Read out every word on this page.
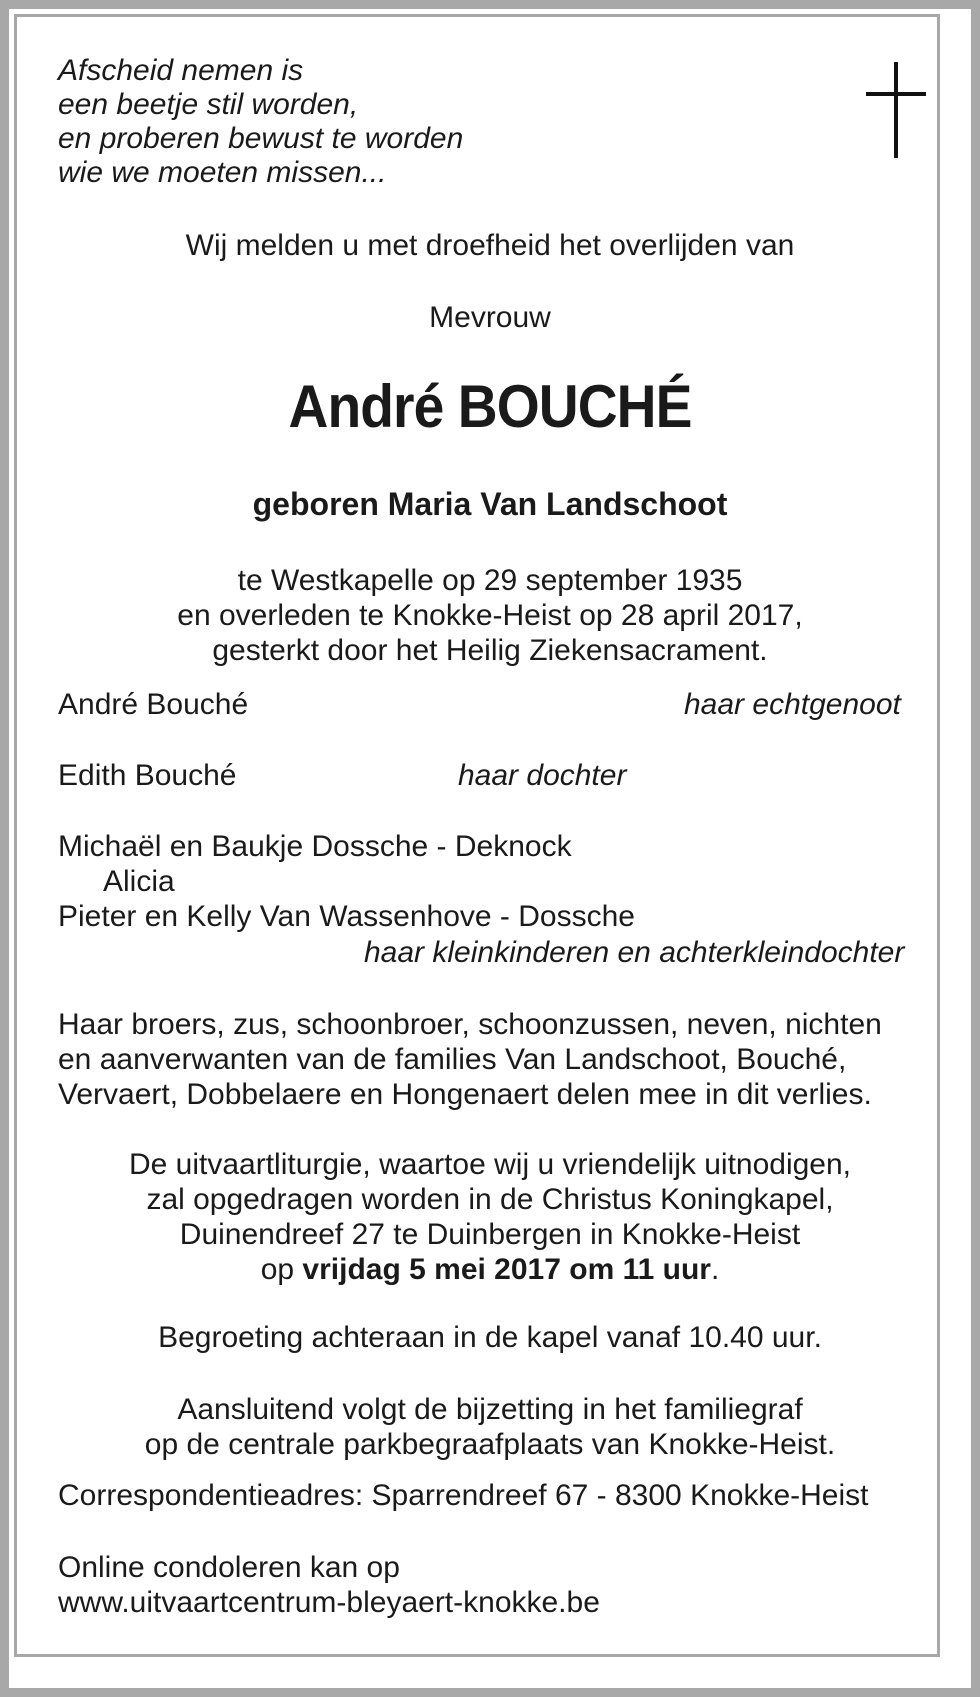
Afscheid nemen is
een beetje stil worden,
en proberen bewust te worden
wie we moeten missen...
Wij melden u met droefheid het overlijden van
Mevrouw
André BOUCHÉ
geboren Maria Van Landschoot
te Westkapelle op 29 september 1935
en overleden te Knokke-Heist op 28 april 2017,
gesterkt door het Heilig Ziekensacrament.
André Bouché	haar echtgenoot
Edith Bouché	haar dochter
Michaël en Baukje Dossche - Deknock
Alicia
Pieter en Kelly Van Wassenhove - Dossche
haar kleinkinderen en achterkleindochter
Haar broers, zus, schoonbroer, schoonzussen, neven, nichten
en aanverwanten van de families Van Landschoot, Bouché,
Vervaert, Dobbelaere en Hongenaert delen mee in dit verlies.
De uitvaartliturgie, waartoe wij u vriendelijk uitnodigen,
zal opgedragen worden in de Christus Koningkapel,
Duinendreef 27 te Duinbergen in Knokke-Heist
op vrijdag 5 mei 2017 om 11 uur.
Begroeting achteraan in de kapel vanaf 10.40 uur.
Aansluitend volgt de bijzetting in het familiegraf
op de centrale parkbegraafplaats van Knokke-Heist.
Correspondentieadres: Sparrendreef 67 - 8300 Knokke-Heist
Online condoleren kan op
www.uitvaartcentrum-bleyaert-knokke.be
